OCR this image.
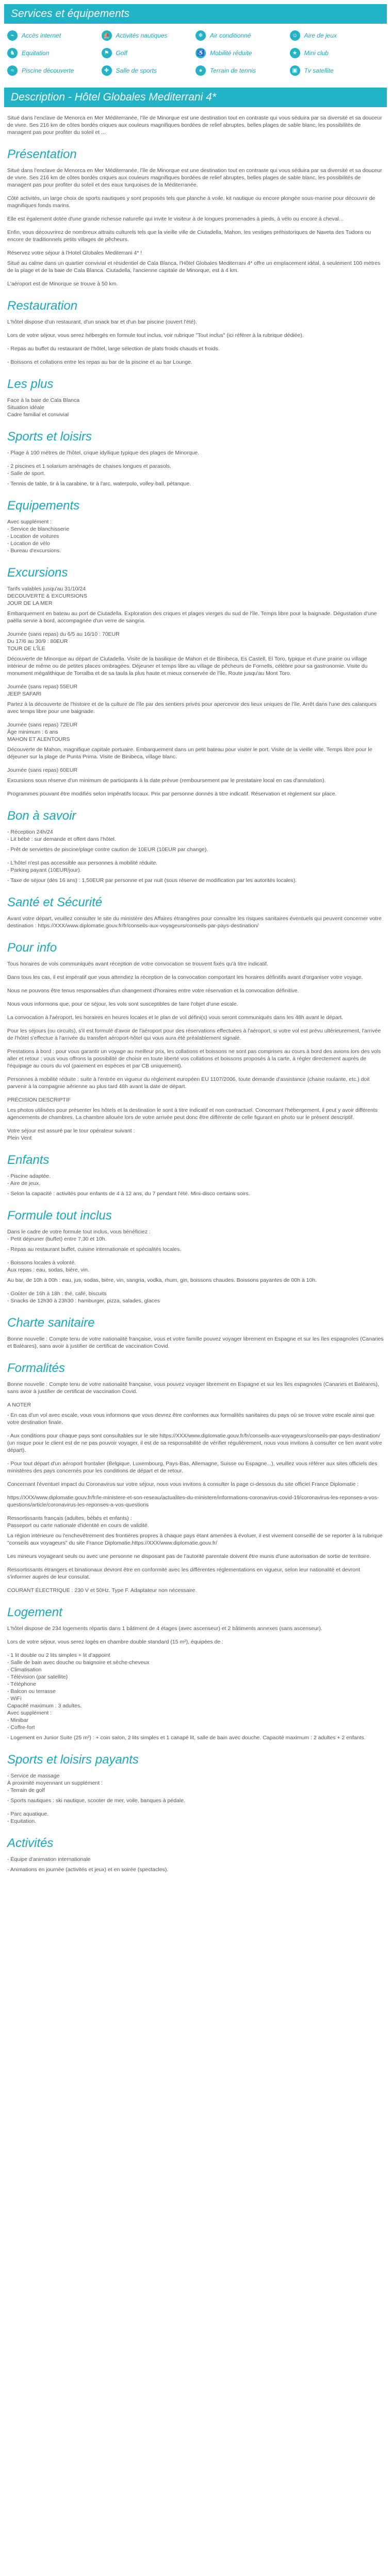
Services et équipements
⌁	Accès internet	⛵ Activités nautiques	❄	Air conditionné	☺	Aire de jeux
♞	Equitation	⚑	Golf	♿ Mobilité réduite	★	Mini club
≈	Piscine découverte	✚	Salle de sports	●	Terrain de tennis	▣	Tv satellite
Description - Hôtel Globales Mediterrani 4*

Situé dans l'enclave de Menorca en Mer Méditerranée, l'île de Minorque est une destination tout en contraste qui vous séduira par sa diversité et sa douceur de vivre. Ses 216 km de côtes bordés criques aux couleurs magnifiques bordées de relief abruptes, belles plages de sable blanc, les possibilités de managent pas pour profiter du soleil et ...

Présentation

Situé dans l'enclave de Menorca en Mer Méditerranée, l'île de Minorque est une destination tout en contraste qui vous séduira par sa diversité et sa douceur de vivre. Ses 216 km de côtes bordés criques aux couleurs magnifiques bordées de relief abruptes, belles plages de sable blanc, les possibilités de managent pas pour profiter du soleil et des eaux turquoises de la Méditerranée.

Côté activités, un large choix de sports nautiques y sont proposés tels que planche à voile, kit nautique ou encore plongée sous-marine pour découvrir de magnifiques fonds marins.

Elle est également dotée d'une grande richesse naturelle qui invite le visiteur à de longues promenades à pieds, à vélo ou encore à cheval...

Enfin, vous découvrirez de nombreux attraits culturels tels que la vieille ville de Ciutadella, Mahon, les vestiges préhistoriques de Naveta des Tudons ou encore de traditionnels petits villages de pêcheurs.

Réservez votre séjour à l'Hotel Globales Mediterrani 4* !

Situé au calme dans un quartier convivial et résidentiel de Cala Blanca, l'Hôtel Globales Mediterrani 4* offre un emplacement idéal, à seulement 100 mètres de la plage et de la baie de Cala Blanca. Ciutadella, l'ancienne capitale de Minorque, est à 4 km.

L'aéroport est de Minorque se trouve à 50 km.

Restauration

L'hôtel dispose d'un restaurant, d'un snack bar et d'un bar piscine (ouvert l'été).

Lors de votre séjour, vous serez hébergés en formule tout inclus, voir rubrique "Tout inclus" (ici référer à la rubrique dédiée).

- Repas au buffet du restaurant de l'hôtel, large sélection de plats froids chauds et froids.

- Boissons et collations entre les repas au bar de la piscine et au bar Lounge.

Les plus

Face à la baie de Cala Blanca

Situation idéale

Cadre familial et convivial

Sports et loisirs

- Plage à 100 mètres de l'hôtel, crique idyllique typique des plages de Minorque.

- 2 piscines et 1 solarium aménagés de chaises longues et parasols.

- Salle de sport.

- Tennis de table, tir à la carabine, tir à l'arc, waterpolo, volley-ball, pétanque.

Equipements

Avec supplément :

- Service de blanchisserie

- Location de voitures

- Location de vélo

- Bureau d'excursions.

Excursions

Tarifs valables jusqu'au 31/10/24

DECOUVERTE & EXCURSIONS

JOUR DE LA MER

Embarquement en bateau au port de Ciutadella. Exploration des criques et plages vierges du sud de l'île. Temps libre pour la baignade. Dégustation d'une paëlla servie à bord, accompagnée d'un verre de sangria.

Journée (sans repas) du 6/5 au 16/10 : 70EUR

Du 17/6 au 30/9 : 80EUR

TOUR DE L'ÎLE

Découverte de Minorque au départ de Ciutadella. Visite de la basilique de Mahon et de Binibeca, Es Castell, El Toro, typique et d'une prairie ou village intérieur de même ou de petites places ombragées. Déjeuner et temps libre au village de pêcheurs de Fornells, célèbre pour sa gastronomie. Visite du monument mégalithique de Torralba et de sa taula la plus haute et mieux conservée de l'île. Route jusqu'au Mont Toro.

Journée (sans repas) 55EUR

JEEP SAFARI

Partez à la découverte de l'histoire et de la culture de l'île par des sentiers privés pour apercevoir des lieux uniques de l'île. Arrêt dans l'une des calanques avec temps libre pour une baignade.

Journée (sans repas) 72EUR

Âge minimum : 6 ans

MAHON ET ALENTOURS

Découverte de Mahon, magnifique capitale portuaire. Embarquement dans un petit bateau pour visiter le port. Visite de la vieille ville. Temps libre pour le déjeuner sur la plage de Punta Prima. Visite de Binibeca, village blanc.

Journée (sans repas) 60EUR

Excursions sous réserve d'un minimum de participants à la date prévue (remboursement par le prestataire local en cas d'annulation).

Programmes pouvant être modifiés selon impératifs locaux. Prix par personne donnés à titre indicatif. Réservation et règlement sur place.

Bon à savoir

- Réception 24h/24

- Lit bébé : sur demande et offert dans l'hôtel.

- Prêt de serviettes de piscine/plage contre caution de 10EUR (10EUR par change).

- L'hôtel n'est pas accessible aux personnes à mobilité réduite.

- Parking payant (10EUR/jour).

- Taxe de séjour (dès 16 ans) : 1,50EUR par personne et par nuit (sous réserve de modification par les autorités locales).

Santé et Sécurité

Avant votre départ, veuillez consulter le site du ministère des Affaires étrangères pour connaître les risques sanitaires éventuels qui peuvent concerner votre destination : https://XXX/www.diplomatie.gouv.fr/fr/conseils-aux-voyageurs/conseils-par-pays-destination/

Pour info

Tous horaires de vols communiqués avant réception de votre convocation se trouvent fixés qu'à titre indicatif.

Dans tous les cas, il est impératif que vous attendiez la réception de la convocation comportant les horaires définitifs avant d'organiser votre voyage.

Nous ne pouvons être tenus responsables d'un changement d'horaires entre votre réservation et la convocation définitive.

Nous vous informons que, pour ce séjour, les vols sont susceptibles de faire l'objet d'une escale.

La convocation à l'aéroport, les horaires en heures locales et le plan de vol défini(s) vous seront communiqués dans les 48h avant le départ.

Pour les séjours (ou circuits), s'il est formulé d'avoir de l'aéroport pour des réservations effectuées à l'aéroport, si votre vol est prévu ultérieurement, l'arrivée de l'hôtel s'effectue à l'arrivée du transfert aéroport-hôtel qui vous aura été préalablement signalé.

Prestations à bord : pour vous garantir un voyage au meilleur prix, les collations et boissons ne sont pas comprises au cours à bord des avions lors des vols aller et retour ; vous vous offrons la possibilité de choisir en toute liberté vos collations et boissons proposés à la carte, à régler directement auprès de l'équipage au cours du vol (paiement en espèces et par CB uniquement).

Personnes à mobilité réduite : suite à l'entrée en vigueur du règlement européen EU 1107/2006, toute demande d'assistance (chaise roulante, etc.) doit parvenir à la compagnie aérienne au plus tard 48h avant la date de départ.

PRÉCISION DESCRIPTIF

Les photos utilisées pour présenter les hôtels et la destination le sont à titre indicatif et non contractuel. Concernant l'hébergement, il peut y avoir différents agencements de chambres. La chambre allouée lors de votre arrivée peut donc être différente de celle figurant en photo sur le présent descriptif.

Votre séjour est assuré par le tour opérateur suivant :

Plein Vent

Enfants

- Piscine adaptée.

- Aire de jeux.

- Selon la capacité : activités pour enfants de 4 à 12 ans, du 7 pendant l'été. Mini-disco certains soirs.

Formule tout inclus

Dans le cadre de votre formule tout inclus, vous bénéficiez :

- Petit déjeuner (buffet) entre 7,30 et 10h.

- Repas au restaurant buffet, cuisine internationale et spécialités locales.

- Boissons locales à volonté.

Aux repas : eau, sodas, bière, vin.

Au bar, de 10h à 00h : eau, jus, sodas, bière, vin, sangria, vodka, rhum, gin, boissons chaudes. Boissons payantes de 00h à 10h.

- Goûter de 16h à 18h : thé, café, biscuits

- Snacks de 12h30 à 23h30 : hamburger, pizza, salades, glaces

Charte sanitaire

Bonne nouvelle : Compte tenu de votre nationalité française, vous et votre famille pouvez voyager librement en Espagne et sur les îles espagnoles (Canaries et Baléares), sans avoir à justifier de certificat de vaccination Covid.

Formalités

Bonne nouvelle : Compte tenu de votre nationalité française, vous pouvez voyager librement en Espagne et sur les îles espagnoles (Canaries et Baléares), sans avoir à justifier de certificat de vaccination Covid.

A NOTER

- En cas d'un vol avec escale, vous vous informons que vous devrez être conformes aux formalités sanitaires du pays où se trouve votre escale ainsi que votre destination finale.

- Aux conditions pour chaque pays sont consultables sur le site https://XXX/www.diplomatie.gouv.fr/fr/conseils-aux-voyageurs/conseils-par-pays-destination/ (un risque pour le client est de ne pas pouvoir voyager, il est de sa responsabilité de vérifier régulièrement, nous vous invitons à consulter ce lien avant votre départ).

- Pour tout départ d'un aéroport frontalier (Belgique, Luxembourg, Pays-Bas, Allemagne, Suisse ou Espagne...), veuillez vous référer aux sites officiels des ministères des pays concernés pour les conditions de départ et de retour.

Concernant l'éventuel impact du Coronavirus sur votre séjour, nous vous invitons à consulter la page ci-dessous du site officiel France Diplomatie :

https://XXX/www.diplomatie.gouv.fr/fr/le-ministere-et-son-reseau/actualites-du-ministere/informations-coronavirus-covid-19/coronavirus-les-reponses-a-vos-questions/article/coronavirus-les-reponses-a-vos-questions

Ressortissants français (adultes, bébés et enfants) :

Passeport ou carte nationale d'identité en cours de validité.

La région intérieure ou l'enchevêtrement des frontières propres à chaque pays étant amenées à évoluer, il est vivement conseillé de se reporter à la rubrique "conseils aux voyageurs" du site France Diplomatie.https://XXX/www.diplomatie.gouv.fr/

Les mineurs voyageant seuls ou avec une personne ne disposant pas de l'autorité parentale doivent être munis d'une autorisation de sortie de territoire.

Ressortissants étrangers et binationaux devront être en conformité avec les différentes réglementations en vigueur, selon leur nationalité et devront s'informer auprès de leur consulat.

COURANT ÉLECTRIQUE : 230 V et 50Hz. Type F. Adaptateur non nécessaire.

Logement

L'hôtel dispose de 234 logements répartis dans 1 bâtiment de 4 étages (avec ascenseur) et 2 bâtiments annexes (sans ascenseur).

Lors de votre séjour, vous serez logés en chambre double standard (15 m²), équipées de :

- 1 lit double ou 2 lits simples + lit d'appoint

- Salle de bain avec douche ou baignoire et sèche-cheveux

- Climatisation

- Télévision (par satellite)

- Téléphone

- Balcon ou terrasse

- WiFi

Capacité maximum : 3 adultes.

Avec supplément :

- Minibar

- Coffre-fort

- Logement en Junior Suite (25 m²) : + coin salon, 2 lits simples et 1 canapé lit, salle de bain avec douche. Capacité maximum : 2 adultes + 2 enfants.

Sports et loisirs payants

- Service de massage

À proximité moyennant un supplément :

- Terrain de golf

- Sports nautiques : ski nautique, scooter de mer, voile, banques à pédale.

- Parc aquatique.

- Equitation.

Activités

- Équipe d'animation internationale

- Animations en journée (activités et jeux) et en soirée (spectacles).
